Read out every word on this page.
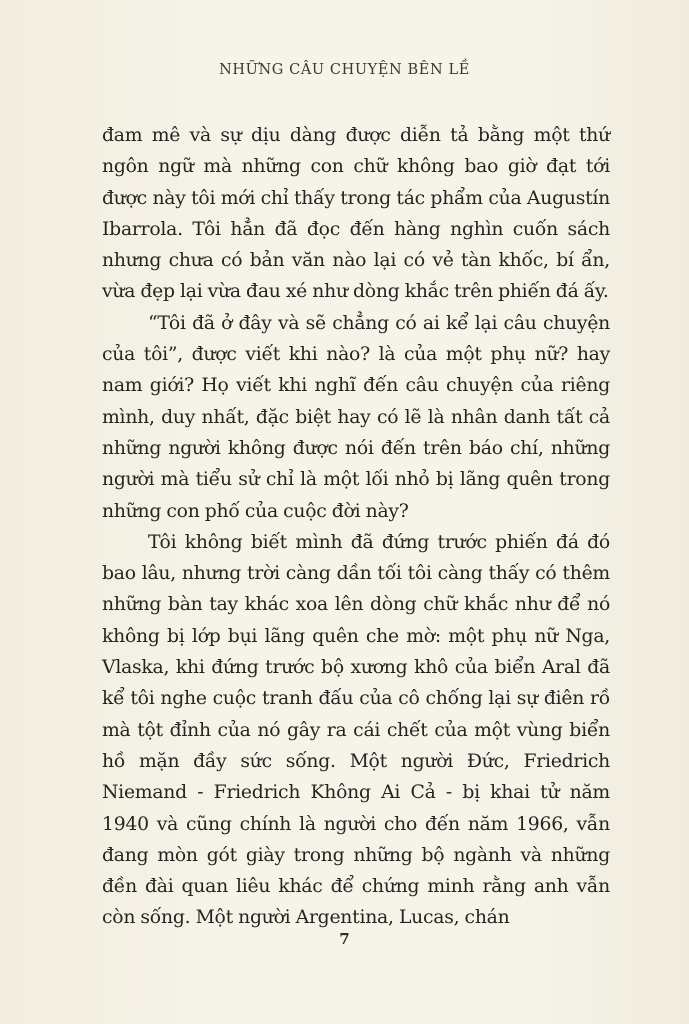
NHỮNG CÂU CHUYỆN BÊN LỀ

đam mê và sự dịu dàng được diễn tả bằng một thứ ngôn ngữ mà những con chữ không bao giờ đạt tới được này tôi mới chỉ thấy trong tác phẩm của Augustín Ibarrola. Tôi hẳn đã đọc đến hàng nghìn cuốn sách nhưng chưa có bản văn nào lại có vẻ tàn khốc, bí ẩn, vừa đẹp lại vừa đau xé như dòng khắc trên phiến đá ấy.

“Tôi đã ở đây và sẽ chẳng có ai kể lại câu chuyện của tôi”, được viết khi nào? là của một phụ nữ? hay nam giới? Họ viết khi nghĩ đến câu chuyện của riêng mình, duy nhất, đặc biệt hay có lẽ là nhân danh tất cả những người không được nói đến trên báo chí, những người mà tiểu sử chỉ là một lối nhỏ bị lãng quên trong những con phố của cuộc đời này?

Tôi không biết mình đã đứng trước phiến đá đó bao lâu, nhưng trời càng dần tối tôi càng thấy có thêm những bàn tay khác xoa lên dòng chữ khắc như để nó không bị lớp bụi lãng quên che mờ: một phụ nữ Nga, Vlaska, khi đứng trước bộ xương khô của biển Aral đã kể tôi nghe cuộc tranh đấu của cô chống lại sự điên rồ mà tột đỉnh của nó gây ra cái chết của một vùng biển hồ mặn đầy sức sống. Một người Đức, Friedrich Niemand - Friedrich Không Ai Cả - bị khai tử năm 1940 và cũng chính là người cho đến năm 1966, vẫn đang mòn gót giày trong những bộ ngành và những đền đài quan liêu khác để chứng minh rằng anh vẫn còn sống. Một người Argentina, Lucas, chán

7
